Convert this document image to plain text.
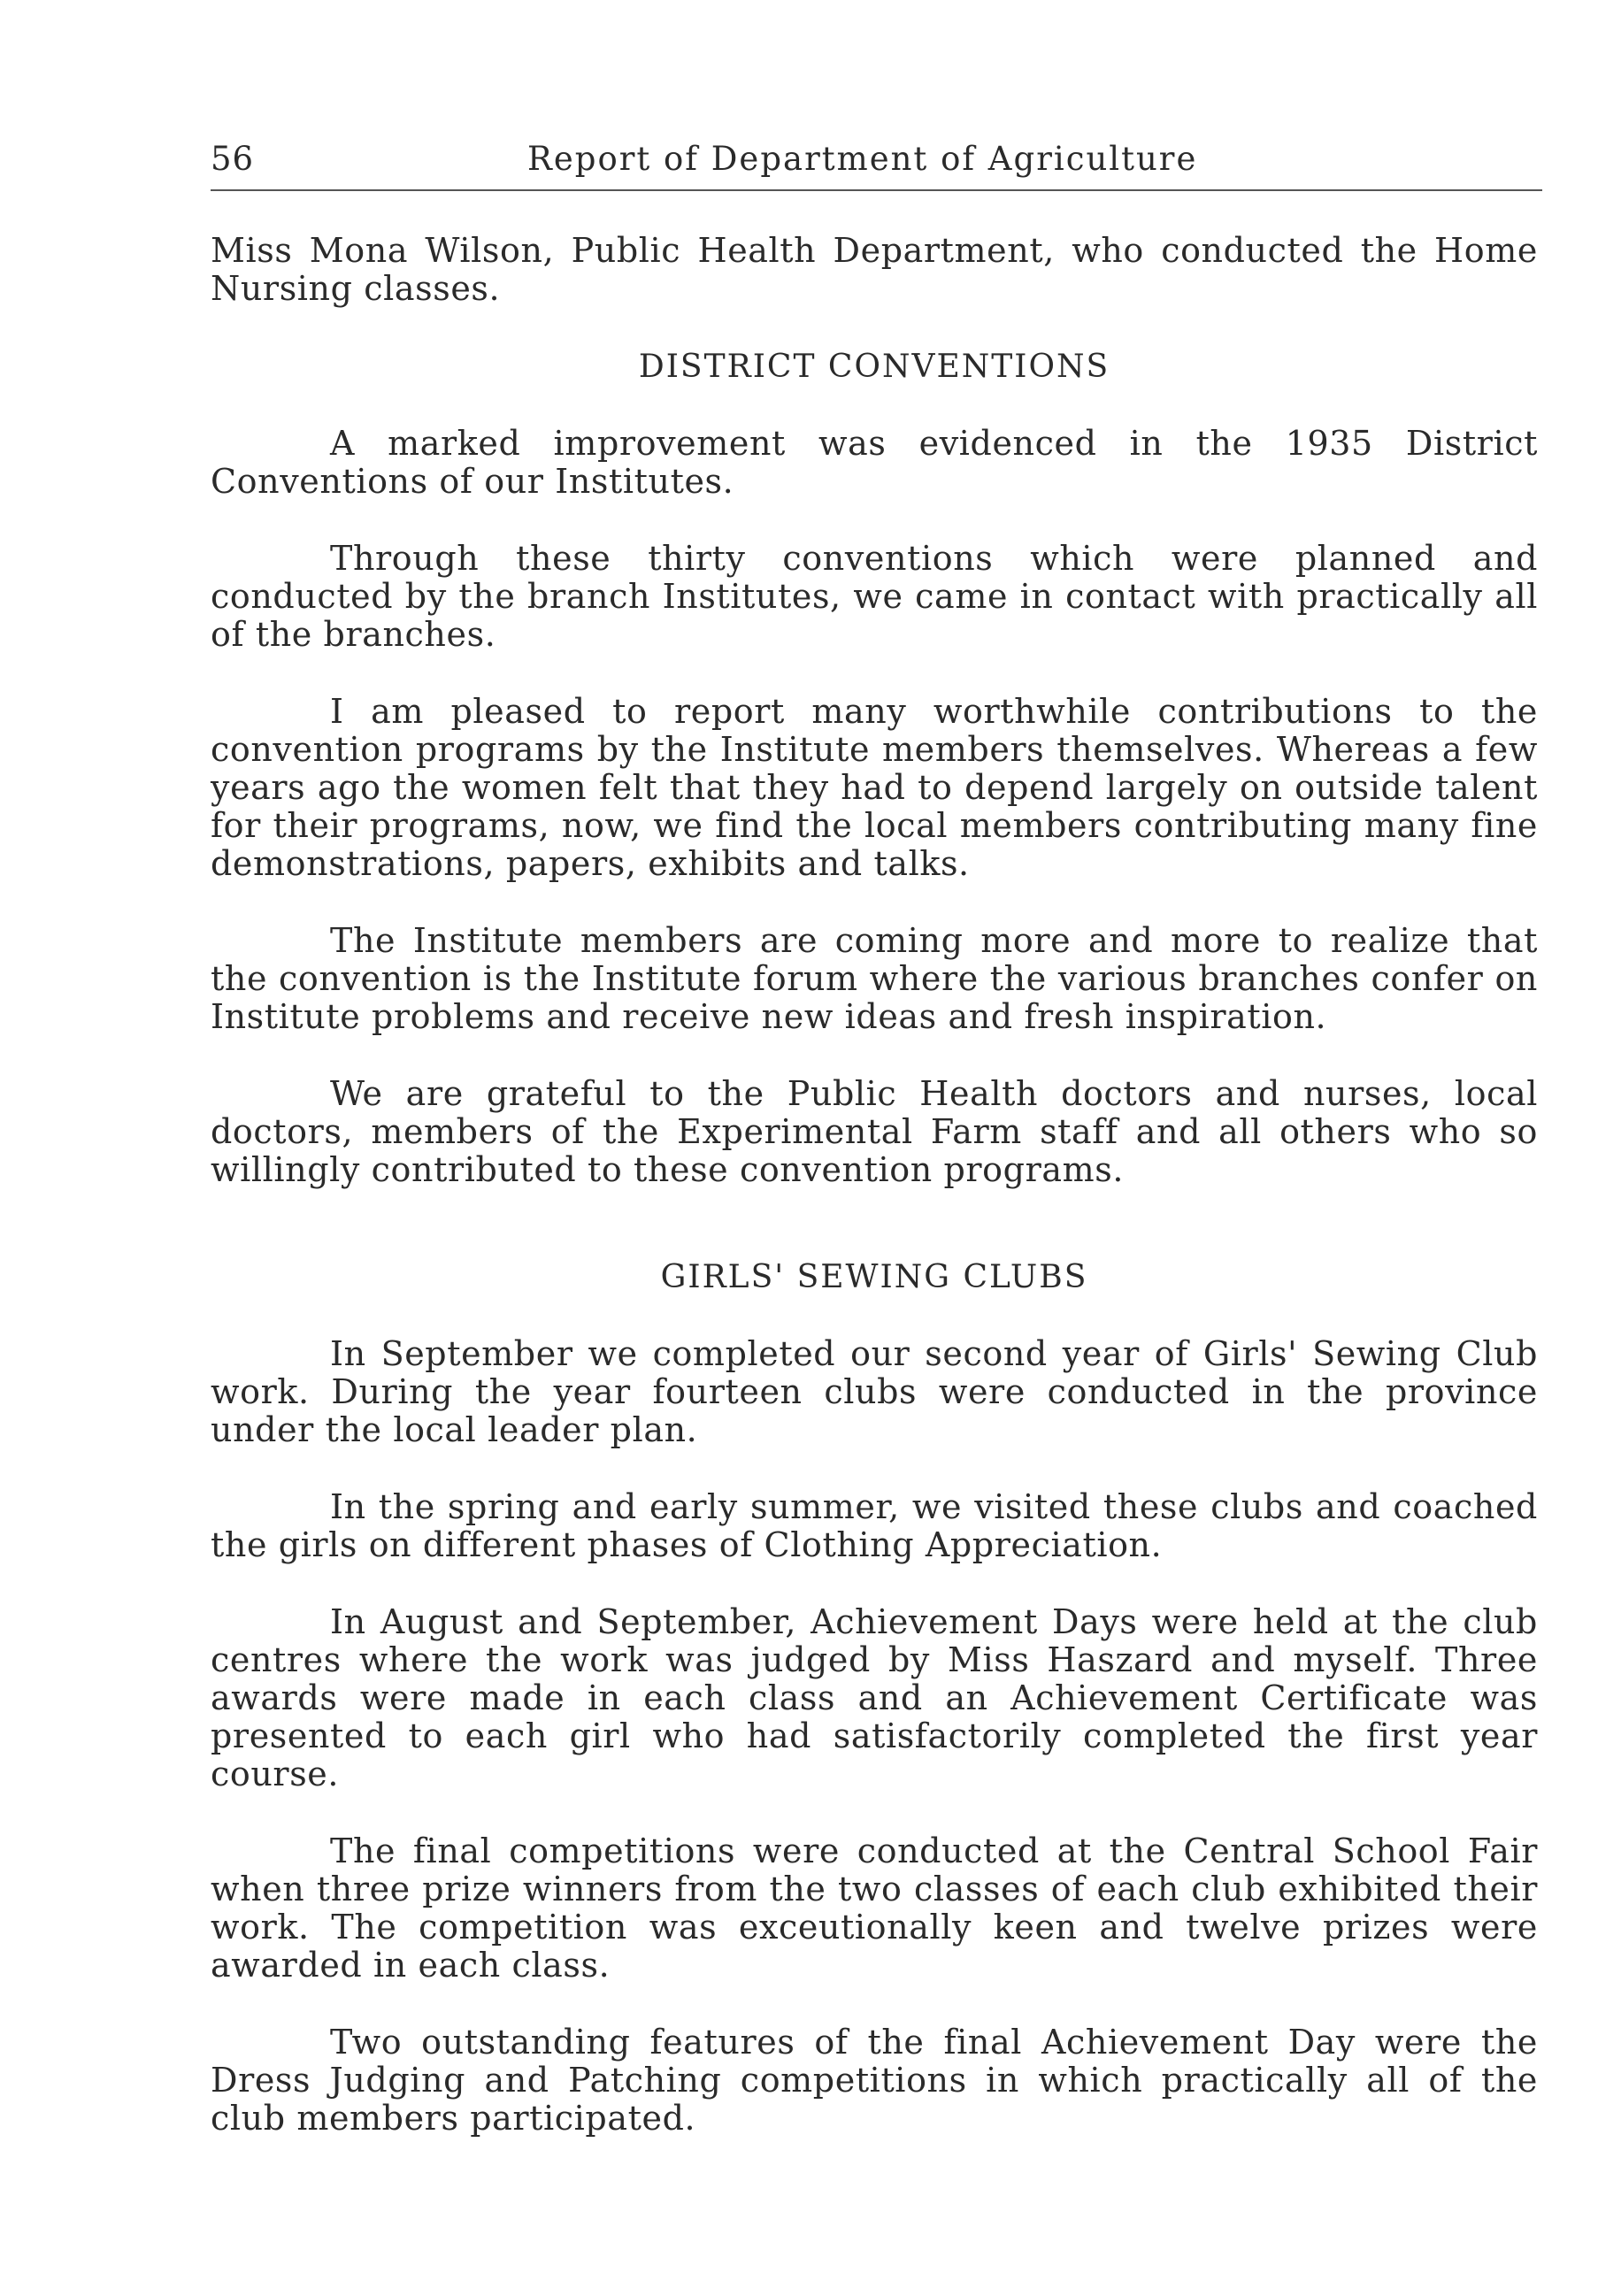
56	Report of Department of Agriculture

Miss Mona Wilson, Public Health Department, who conducted the Home Nursing classes.

DISTRICT CONVENTIONS

A marked improvement was evidenced in the 1935 District Conventions of our Institutes.

Through these thirty conventions which were planned and conducted by the branch Institutes, we came in contact with practically all of the branches.

I am pleased to report many worthwhile contributions to the convention programs by the Institute members themselves. Whereas a few years ago the women felt that they had to depend largely on outside talent for their programs, now, we find the local members contributing many fine demonstrations, papers, exhibits and talks.

The Institute members are coming more and more to realize that the convention is the Institute forum where the various branches confer on Institute problems and receive new ideas and fresh inspiration.

We are grateful to the Public Health doctors and nurses, local doctors, members of the Experimental Farm staff and all others who so willingly contributed to these convention programs.

GIRLS' SEWING CLUBS

In September we completed our second year of Girls' Sewing Club work. During the year fourteen clubs were conducted in the province under the local leader plan.

In the spring and early summer, we visited these clubs and coached the girls on different phases of Clothing Appreciation.

In August and September, Achievement Days were held at the club centres where the work was judged by Miss Haszard and myself. Three awards were made in each class and an Achievement Certificate was presented to each girl who had satisfactorily completed the first year course.

The final competitions were conducted at the Central School Fair when three prize winners from the two classes of each club exhibited their work. The competition was exceutionally keen and twelve prizes were awarded in each class.

Two outstanding features of the final Achievement Day were the Dress Judging and Patching competitions in which practically all of the club members participated.
